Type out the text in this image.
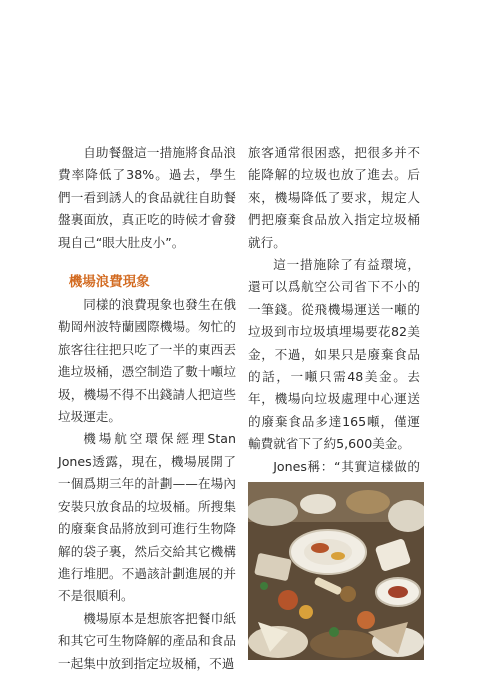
自助餐盤這一措施將食品浪費率降低了38%。過去，學生們一看到誘人的食品就往自助餐盤裏面放，真正吃的時候才會發現自己“眼大肚皮小”。

機場浪費現象

同樣的浪費現象也發生在俄勒岡州波特蘭國際機場。匆忙的旅客往往把只吃了一半的東西丟進垃圾桶，憑空制造了數十噸垃圾，機場不得不出錢請人把這些垃圾運走。

機場航空環保經理Stan Jones透露，現在，機場展開了一個爲期三年的計劃——在場內安裝只放食品的垃圾桶。所搜集的廢棄食品將放到可進行生物降解的袋子裏，然后交給其它機構進行堆肥。不過該計劃進展的并不是很順利。

機場原本是想旅客把餐巾紙和其它可生物降解的產品和食品一起集中放到指定垃圾桶，不過

旅客通常很困惑，把很多并不能降解的垃圾也放了進去。后來，機場降低了要求，規定人們把廢棄食品放入指定垃圾桶就行。

這一措施除了有益環境，還可以爲航空公司省下不小的一筆錢。從飛機場運送一噸的垃圾到市垃圾填埋場要花82美金，不過，如果只是廢棄食品的話，一噸只需48美金。去年，機場向垃圾處理中心運送的廢棄食品多達165噸，僅運輸費就省下了約5,600美金。

Jones稱：“其實這樣做的
